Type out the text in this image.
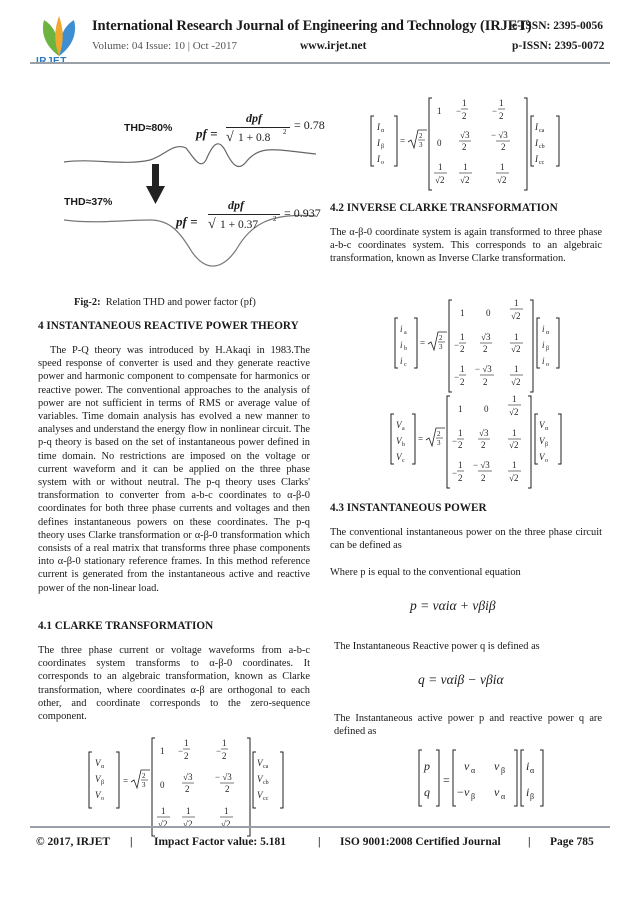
IRJET
International Research Journal of Engineering and Technology (IRJET)
e-ISSN: 2395-0056
Volume: 04 Issue: 10 | Oct -2017	www.irjet.net	p-ISSN: 2395-0072
THD≈80%
THD≈37%
pf =
dpf
√ 1 + 0.8 2 = 0.78
pf =
dpf
√ 1 + 0.37 2 = 0.937
Fig-2: Relation THD and power factor (pf)
4 INSTANTANEOUS REACTIVE POWER THEORY
The P-Q theory was introduced by H.Akaqi in 1983.The speed response of converter is used and they generate reactive power and harmonic component to compensate for harmonics or reactive power. The conventional approaches to the analysis of power are not sufficient in terms of RMS or average value of variables. Time domain analysis has evolved a new manner to analyses and understand the energy flow in nonlinear circuit. The p-q theory is based on the set of instantaneous power defined in time domain. No restrictions are imposed on the voltage or current waveform and it can be applied on the three phase system with or without neutral. The p-q theory uses Clarks' transformation to converter from a-b-c coordinates to α-β-0 coordinates for both three phase currents and voltages and then defines instantaneous powers on these coordinates. The p-q theory uses Clarke transformation or α-β-0 transformation which consists of a real matrix that transforms three phase components into α-β-0 stationary reference frames. In this method reference current is generated from the instantaneous active and reactive power of the non-linear load.
4.1 CLARKE TRANSFORMATION
The three phase current or voltage waveforms from a-b-c coordinates system transforms to α-β-0 coordinates. It corresponds to an algebraic transformation, known as Clarke transformation, where coordinates α-β are orthogonal to each other, and coordinate corresponds to the zero-sequence component.
V α
V β
V o
= 2
3
1
1
− 2
1
− 2
0
√3
2
− √3
2
1
√2
1
√2
1
√2
V ca
V cb
V cc
I α
I β
I o
= 2
3
1 −
1
2	−
1
2
0
√3
2
− √3
2
1
√2
1
√2
1
√2
I ca
I cb
I cc
4.2 INVERSE CLARKE TRANSFORMATION
The α-β-0 coordinate system is again transformed to three phase a-b-c coordinates system. This corresponds to an algebraic transformation, known as Inverse Clarke transformation.
i a
i b
i c
= 2
3
1 0
1
√2
−
1
2
√3
2
1
√2
−
1
2
− √3
2
1
√2
i α
i β
i o
V a
V b
V c
= 2
3
1 0
1
√2
−
1
2
√3
2
1
√2
−
1
2
− √3
2
1
√2
V α
V β
V o
4.3 INSTANTANEOUS POWER
The conventional instantaneous power on the three phase circuit can be defined as
Where p is equal to the conventional equation
p = vαiα + vβiβ
The Instantaneous Reactive power q is defined as
q = vαiβ − vβiα
The Instantaneous active power p and reactive power q are defined as
p
q
=
v α v β
− v β v α
i α
i β
© 2017, IRJET | Impact Factor value: 5.181	| ISO 9001:2008 Certified Journal | Page 785
